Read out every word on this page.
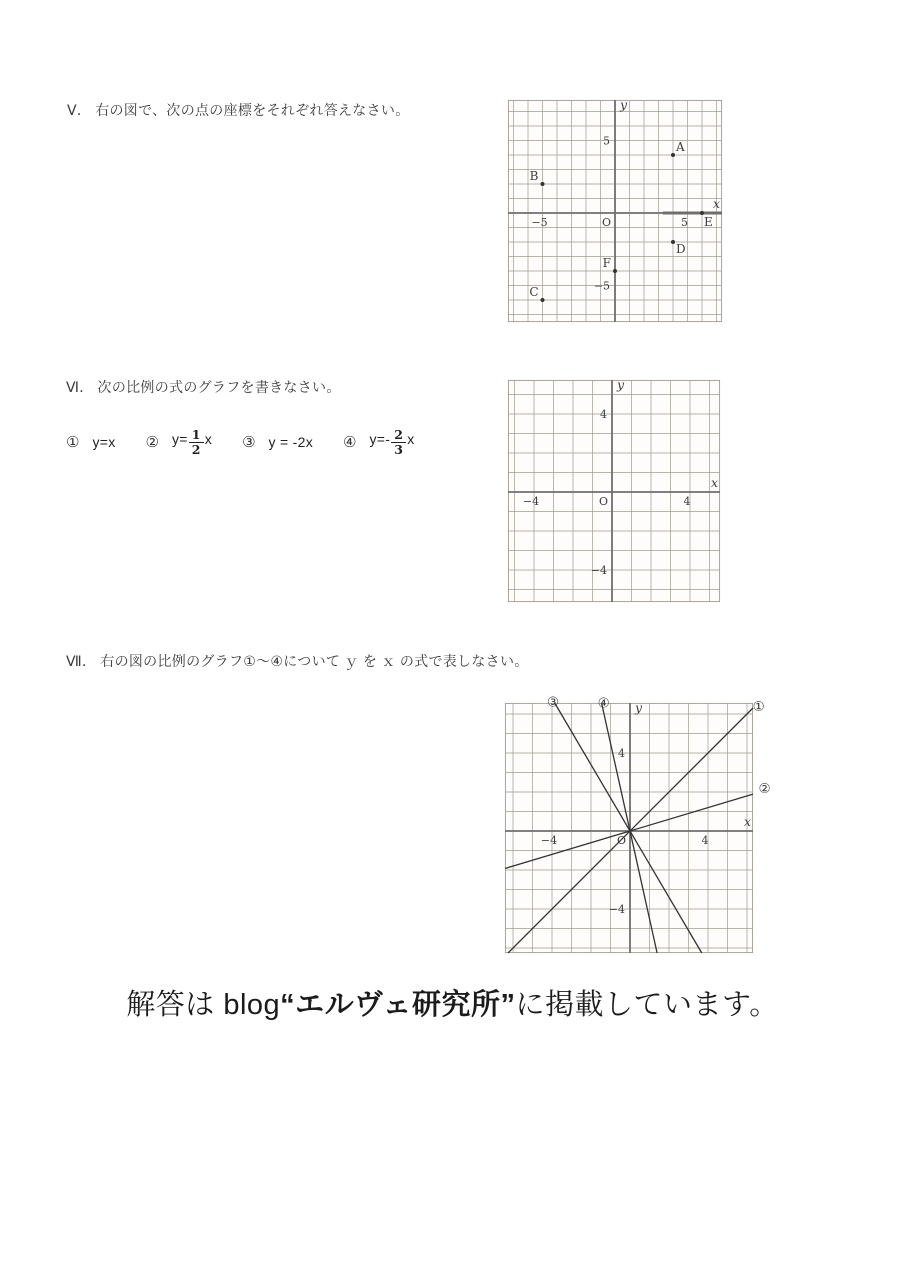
Ⅴ． 右の図で、次の点の座標をそれぞれ答えなさい。
5
−5
5
−5
O
y
x
A
B
C
D
E
F
Ⅵ． 次の比例の式のグラフを書きなさい。
① y=x ② $y= \frac{1}{2}$ x ③ y = -2x ④ $y=- \frac{2}{3}$ x
4
−4
4
−4
O
y
x
Ⅶ． 右の図の比例のグラフ①～④について ｙ を ｘ の式で表しなさい。
4
−4
4
−4
O
y
x
①
②
③	④
解答は blog“エルヴェ研究所”に掲載しています。
